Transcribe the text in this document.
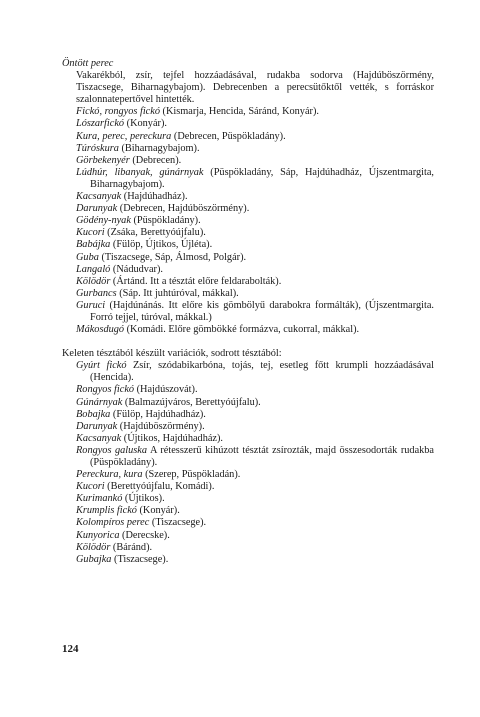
Öntött perec

Vakarékból, zsír, tejfel hozzáadásával, rudakba sodorva (Hajdúböszörmény, Tiszacsege, Biharnagybajom). Debrecenben a perecsütőktől vették, s forráskor szalonnatepertővel hintették.

Fickó, rongyos fickó (Kismarja, Hencida, Sáránd, Konyár).

Lószarfickó (Konyár).

Kura, perec, pereckura (Debrecen, Püspökladány).

Túróskura (Biharnagybajom).

Görbekenyér (Debrecen).

Lúdhúr, libanyak, gúnárnyak (Püspökladány, Sáp, Hajdúhadház, Újszentmargita, Biharnagybajom).

Kacsanyak (Hajdúhadház).

Darunyak (Debrecen, Hajdúböszörmény).

Gödény-nyak (Püspökladány).

Kucori (Zsáka, Berettyóújfalu).

Babájka (Fülöp, Újtikos, Újléta).

Guba (Tiszacsege, Sáp, Álmosd, Polgár).

Langaló (Nádudvar).

Kölödör (Ártánd. Itt a tésztát előre feldarabolták).

Gurbancs (Sáp. Itt juhtúróval, mákkal).

Guruci (Hajdúnánás. Itt előre kis gömbölyű darabokra formálták), (Újszentmargita. Forró tejjel, túróval, mákkal.)

Mákosdugó (Komádi. Előre gömbökké formázva, cukorral, mákkal).

Keleten tésztából készült variációk, sodrott tésztából:

Gyúrt fickó Zsír, szódabikarbóna, tojás, tej, esetleg főtt krumpli hozzáadásával (Hencida).

Rongyos fickó (Hajdúszovát).

Gúnárnyak (Balmazújváros, Berettyóújfalu).

Bobajka (Fülöp, Hajdúhadház).

Darunyak (Hajdúböszörmény).

Kacsanyak (Újtikos, Hajdúhadház).

Rongyos galuska A rétesszerű kihúzott tésztát zsírozták, majd összesodorták rudakba (Püspökladány).

Pereckura, kura (Szerep, Püspökladán).

Kucori (Berettyóújfalu, Komádi).

Kurimankó (Újtikos).

Krumplis fickó (Konyár).

Kolompíros perec (Tiszacsege).

Kunyorica (Derecske).

Kölödör (Báránd).

Gubajka (Tiszacsege).

124
